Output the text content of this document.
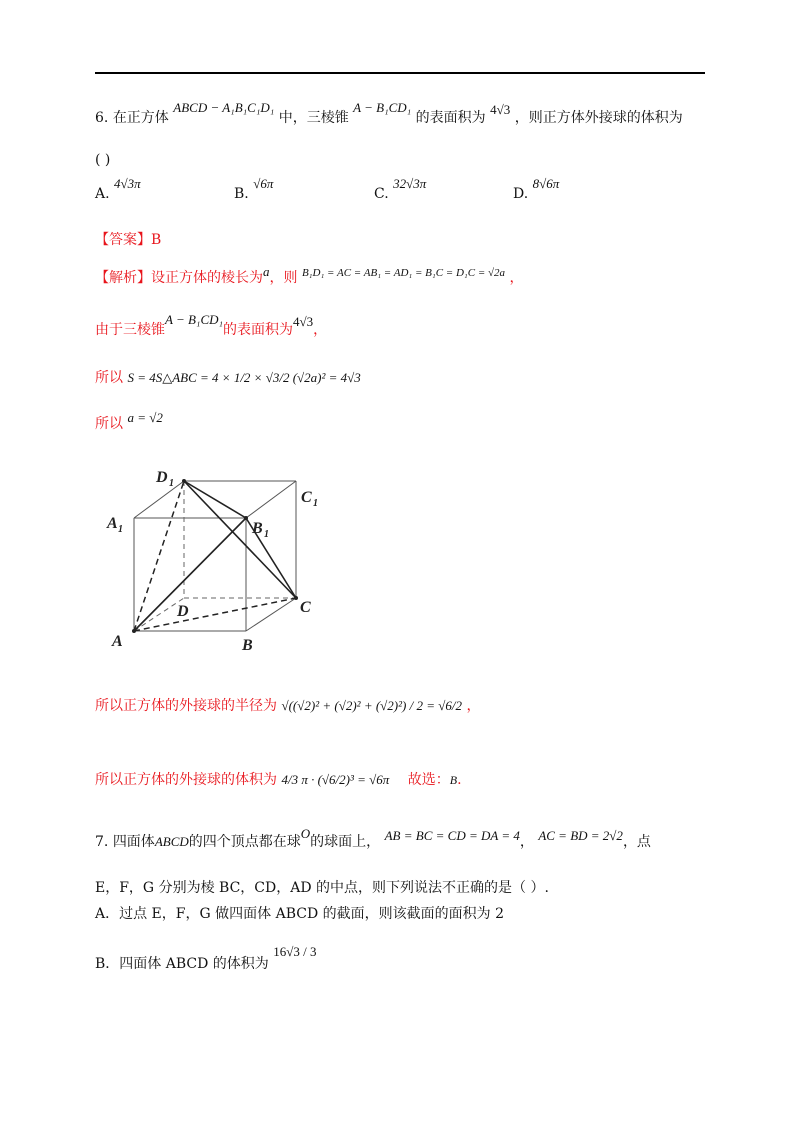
6. 在正方体 ABCD − A₁B₁C₁D₁ 中，三棱锥 A − B₁CD₁ 的表面积为 4√3 ，则正方体外接球的体积为
( )
A. 4√3π
B. √6π
C. 32√3π
D. 8√6π
【答案】B
【解析】设正方体的棱长为a，则 $^{B_1D_1 = AC = AB_1 = AD_1 = B_1C = D_1C = √2a}$ ，
由于三棱锥A − B₁CD₁的表面积为4√3，
所以 S = 4S△ABC = 4 × 1/2 × √3/2 (√2a)² = 4√3
所以 a = √2
D 1
C 1
A 1	B 1
D	C
A	B
所以正方体的外接球的半径为 √((√2)² + (√2)² + (√2)²) / 2 = √6/2 ，
所以正方体的外接球的体积为 4/3 π · (√6/2)³ = √6π 故选：B.
7. 四面体ABCD的四个顶点都在球O的球面上， AB = BC = CD = DA = 4， AC = BD = 2√2，点
E，F，G 分别为棱 BC，CD，AD 的中点，则下列说法不正确的是（ ）.
A．过点 E，F，G 做四面体 ABCD 的截面，则该截面的面积为 2
B．四面体 ABCD 的体积为 16√3 / 3
